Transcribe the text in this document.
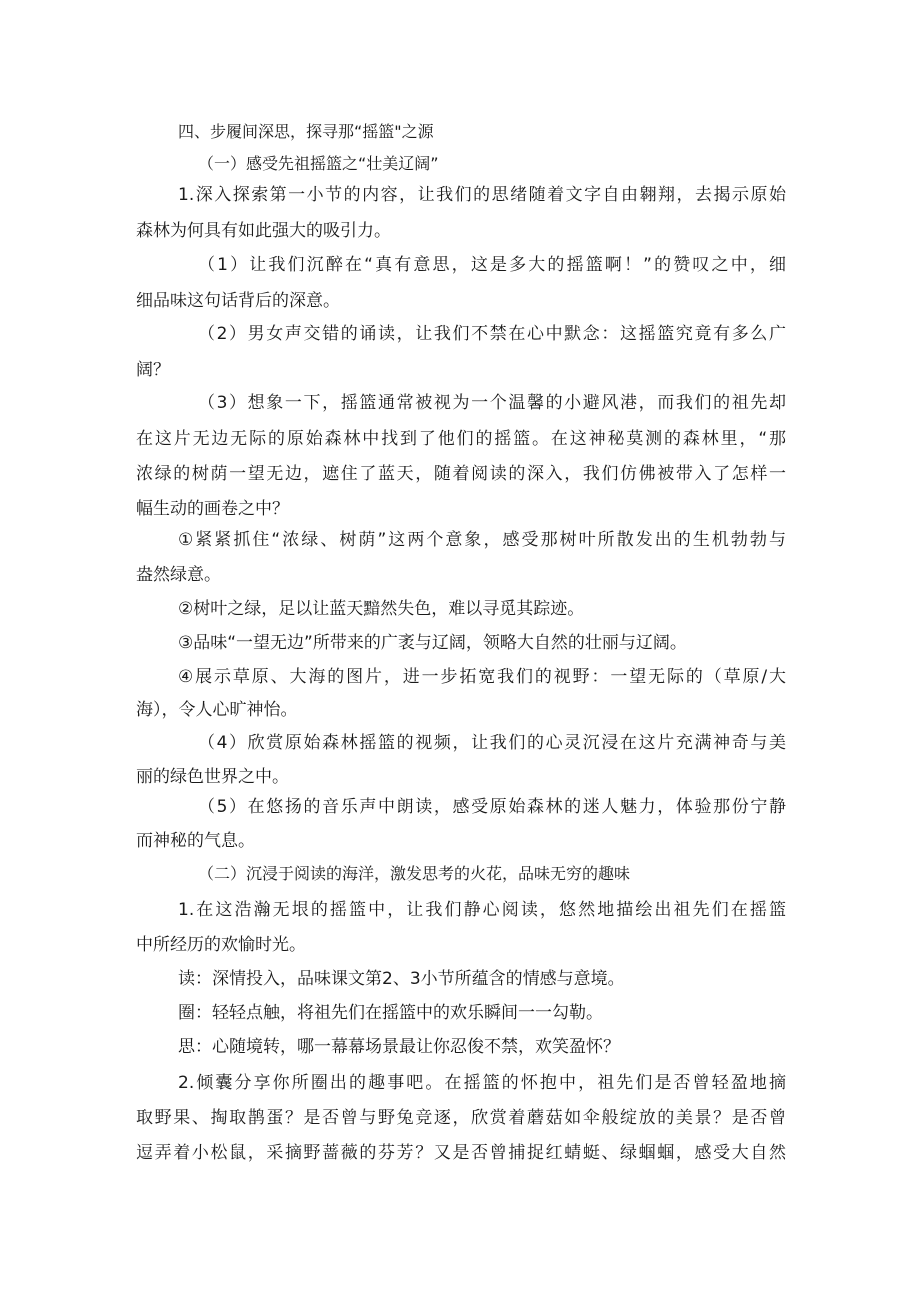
四、步履间深思，探寻那“摇篮"之源
（一）感受先祖摇篮之“壮美辽阔”
1.深入探索第一小节的内容，让我们的思绪随着文字自由翱翔，去揭示原始
森林为何具有如此强大的吸引力。
（1）让我们沉醉在“真有意思，这是多大的摇篮啊！”的赞叹之中，细
细品味这句话背后的深意。
（2）男女声交错的诵读，让我们不禁在心中默念：这摇篮究竟有多么广
阔？
（3）想象一下，摇篮通常被视为一个温馨的小避风港，而我们的祖先却
在这片无边无际的原始森林中找到了他们的摇篮。在这神秘莫测的森林里，“那
浓绿的树荫一望无边，遮住了蓝天，随着阅读的深入，我们仿佛被带入了怎样一
幅生动的画卷之中？
①紧紧抓住“浓绿、树荫”这两个意象，感受那树叶所散发出的生机勃勃与
盎然绿意。
②树叶之绿，足以让蓝天黯然失色，难以寻觅其踪迹。
③品味“一望无边”所带来的广袤与辽阔，领略大自然的壮丽与辽阔。
④展示草原、大海的图片，进一步拓宽我们的视野：一望无际的（草原/大
海），令人心旷神怡。
（4）欣赏原始森林摇篮的视频，让我们的心灵沉浸在这片充满神奇与美
丽的绿色世界之中。
（5）在悠扬的音乐声中朗读，感受原始森林的迷人魅力，体验那份宁静
而神秘的气息。
（二）沉浸于阅读的海洋，激发思考的火花，品味无穷的趣味
1.在这浩瀚无垠的摇篮中，让我们静心阅读，悠然地描绘出祖先们在摇篮
中所经历的欢愉时光。
读：深情投入，品味课文第2、3小节所蕴含的情感与意境。
圈：轻轻点触，将祖先们在摇篮中的欢乐瞬间一一勾勒。
思：心随境转，哪一幕幕场景最让你忍俊不禁，欢笑盈怀？
2.倾囊分享你所圈出的趣事吧。在摇篮的怀抱中，祖先们是否曾轻盈地摘
取野果、掏取鹊蛋？是否曾与野兔竞逐，欣赏着蘑菇如伞般绽放的美景？是否曾
逗弄着小松鼠，采摘野蔷薇的芬芳？又是否曾捕捉红蜻蜓、绿蝈蝈，感受大自然
